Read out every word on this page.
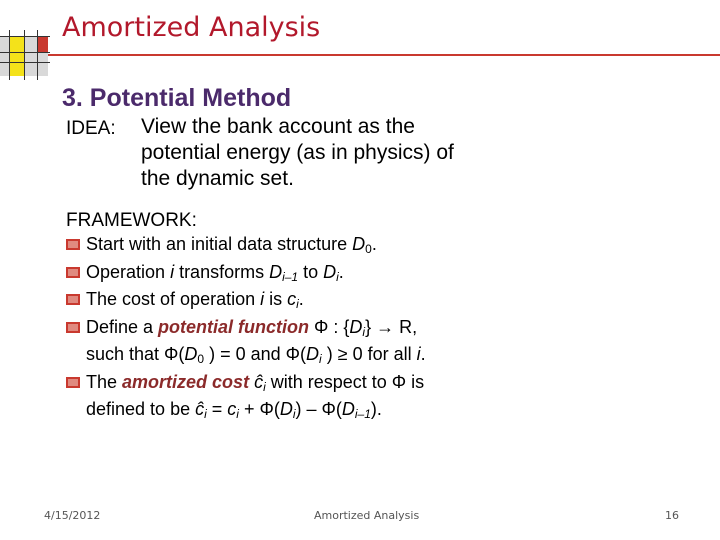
Amortized Analysis
3. Potential Method
IDEA: View the bank account as the
potential energy (as in physics) of
the dynamic set.
FRAMEWORK:
Start with an initial data structure D0.
Operation i transforms $D_{i-1}$ to $D_i$.
The cost of operation i is $c_i$.
Define a potential function Φ : $\{D_i\} \to R$,
such that Φ(D0 ) = 0 and $\Phi(D_i$ ) ≥ 0 for all i.
The amortized cost $ĉ_i$ with respect to Φ is
defined to be $ĉ_i = c_i + \Phi(D_i) - \Phi(D_{i-1})$.
4/15/2012	Amortized Analysis	16
